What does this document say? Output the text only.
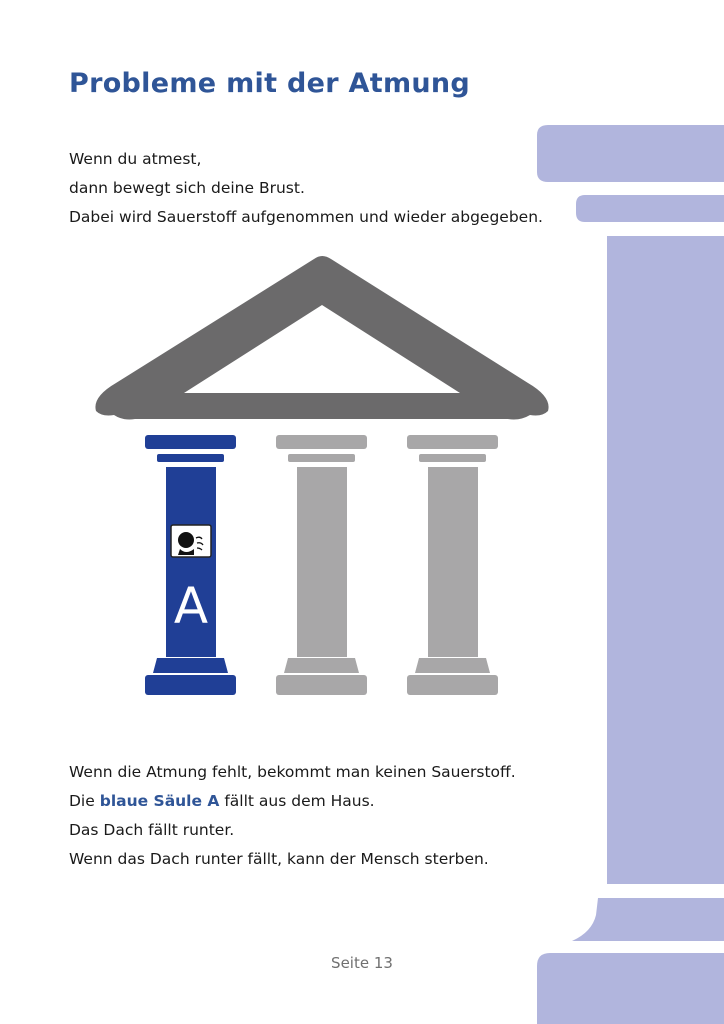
Probleme mit der Atmung

Wenn du atmest,

dann bewegt sich deine Brust.

Dabei wird Sauerstoff aufgenommen und wieder abgegeben.

A

Wenn die Atmung fehlt, bekommt man keinen Sauerstoff.

Die blaue Säule A fällt aus dem Haus.

Das Dach fällt runter.

Wenn das Dach runter fällt, kann der Mensch sterben.

Seite 13
